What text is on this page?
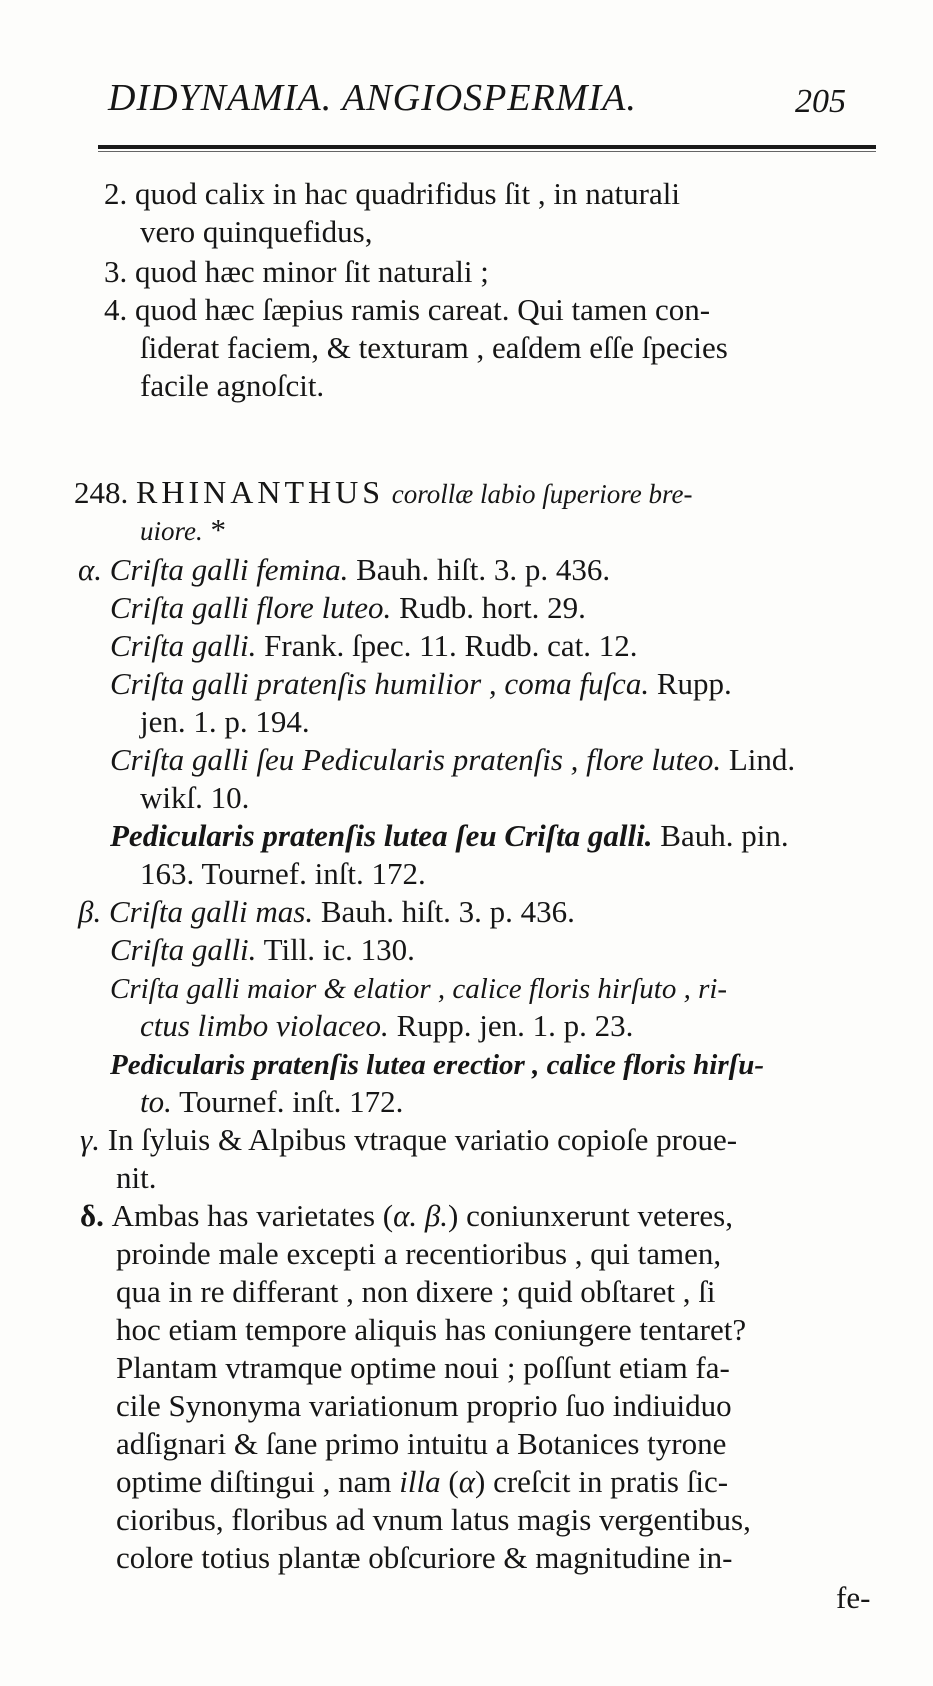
DIDYNAMIA. ANGIOSPERMIA.	205
2. quod calix in hac quadrifidus ſit , in naturali
vero quinquefidus,
3. quod hæc minor ſit naturali ;
4. quod hæc ſæpius ramis careat. Qui tamen con-
ſiderat faciem, & texturam , eaſdem eſſe ſpecies
facile agnoſcit.
248. RHINANTHUS corollæ labio ſuperiore bre-
uiore. *
α. Criſta galli femina. Bauh. hiſt. 3. p. 436.
Criſta galli flore luteo. Rudb. hort. 29.
Criſta galli. Frank. ſpec. 11. Rudb. cat. 12.
Criſta galli pratenſis humilior , coma fuſca. Rupp.
jen. 1. p. 194.
Criſta galli ſeu Pedicularis pratenſis , flore luteo. Lind.
wikſ. 10.
Pedicularis pratenſis lutea ſeu Criſta galli. Bauh. pin.
163. Tournef. inſt. 172.
β. Criſta galli mas. Bauh. hiſt. 3. p. 436.
Criſta galli. Till. ic. 130.
Criſta galli maior & elatior , calice floris hirſuto , ri-
ctus limbo violaceo. Rupp. jen. 1. p. 23.
Pedicularis pratenſis lutea erectior , calice floris hirſu-
to. Tournef. inſt. 172.
γ. In ſyluis & Alpibus vtraque variatio copioſe proue-
nit.
δ. Ambas has varietates (α. β.) coniunxerunt veteres,
proinde male excepti a recentioribus , qui tamen,
qua in re differant , non dixere ; quid obſtaret , ſi
hoc etiam tempore aliquis has coniungere tentaret?
Plantam vtramque optime noui ; poſſunt etiam fa-
cile Synonyma variationum proprio ſuo indiuiduo
adſignari & ſane primo intuitu a Botanices tyrone
optime diſtingui , nam illa (α) creſcit in pratis ſic-
cioribus, floribus ad vnum latus magis vergentibus,
colore totius plantæ obſcuriore & magnitudine in-
fe-
